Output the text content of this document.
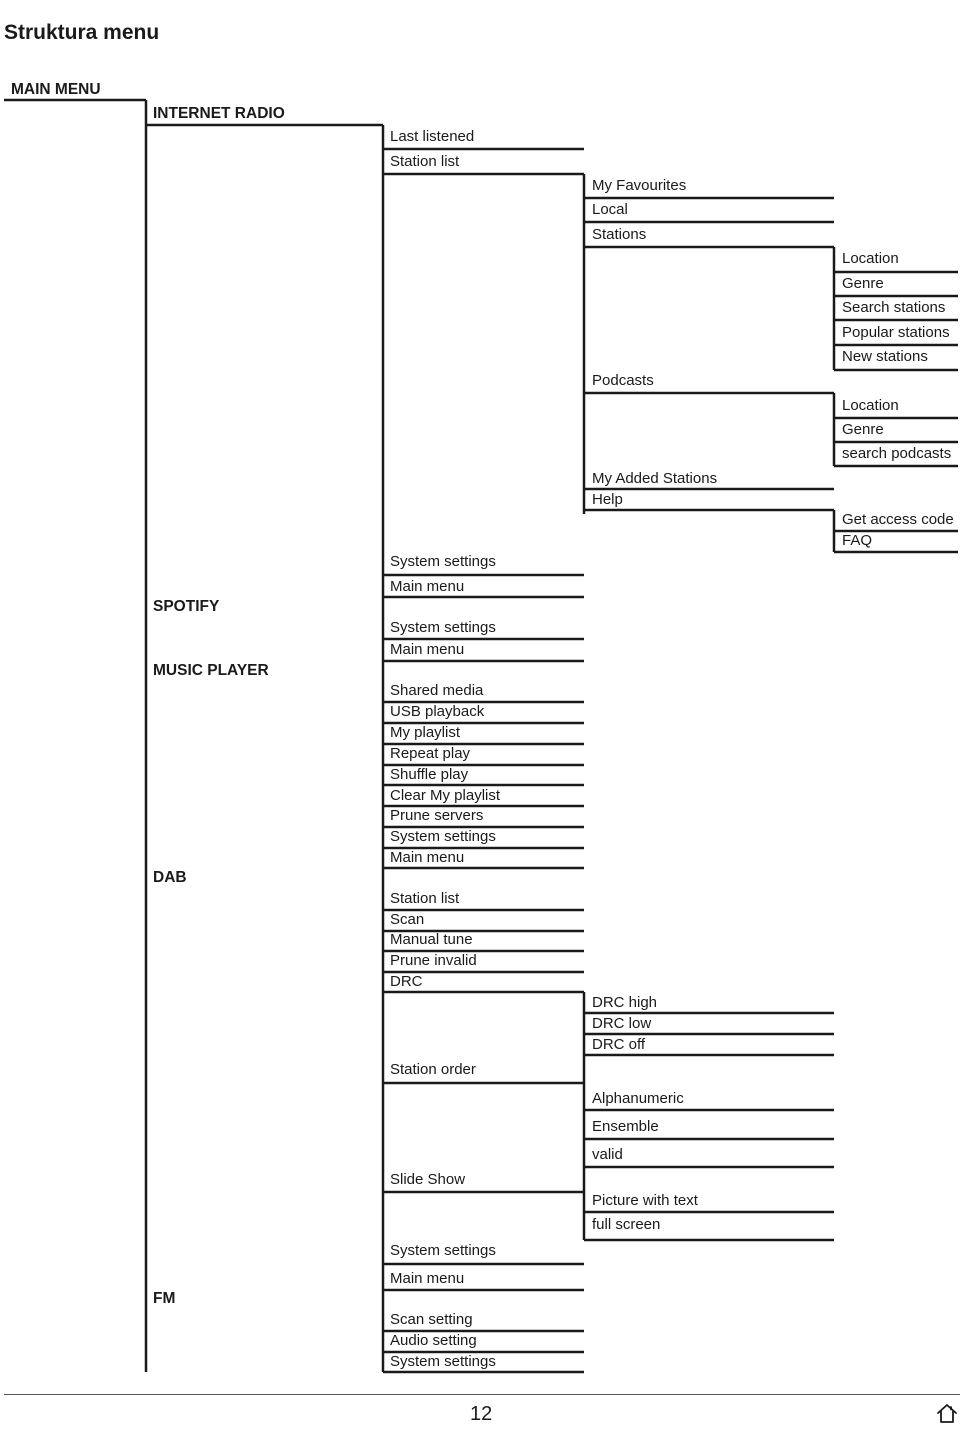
Struktura menu
MAIN MENU
INTERNET RADIO
SPOTIFY
MUSIC PLAYER
DAB
FM
Last listened
Station list
System settings
Main menu
My Favourites
Local
Stations
Podcasts
My Added Stations
Help
Location
Genre
Search stations
Popular stations
New stations
Location
Genre
search podcasts
Get access code
FAQ
System settings
Main menu
Shared media
USB playback
My playlist
Repeat play
Shuffle play
Clear My playlist
Prune servers
System settings
Main menu
Station list
Scan
Manual tune
Prune invalid
DRC
Station order
Slide Show
System settings
Main menu
DRC high
DRC low
DRC off
Alphanumeric
Ensemble
valid
Picture with text
full screen
Scan setting
Audio setting
System settings
12
